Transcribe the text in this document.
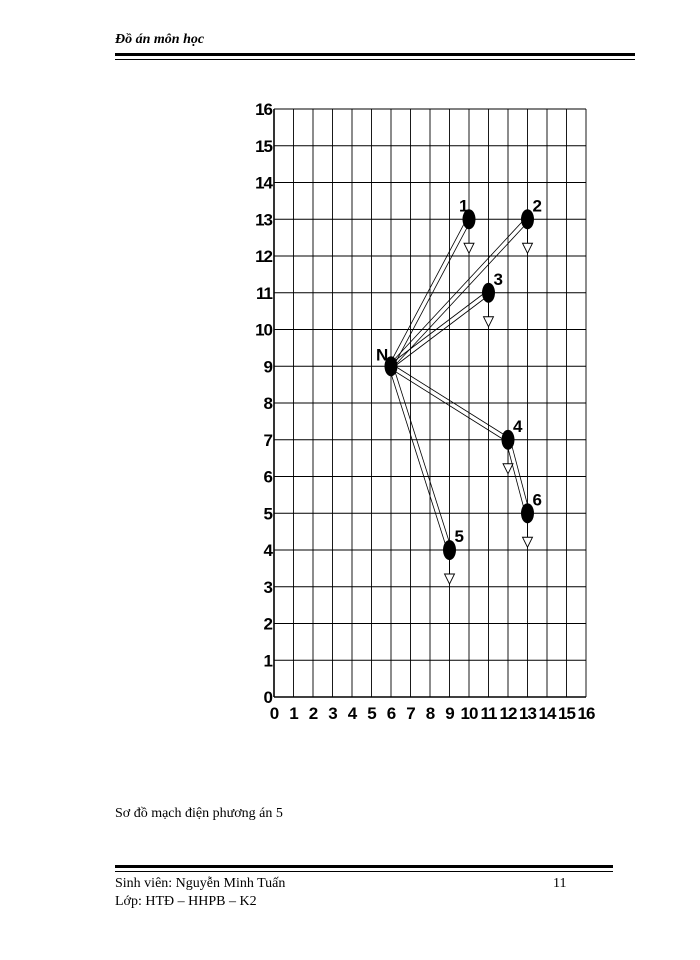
Đồ án môn học
0 1 2 3 4 5 6 7 8 9 10 11 12 13 14 15 16
0
1
2
3
4
5
6
7
8
9
10
11
12
13
14
15
16
N
1	2
3
4
5
6
Sơ đồ mạch điện phương án 5
Sinh viên: Nguyễn Minh Tuấn
Lớp: HTĐ – HHPB – K2
11
